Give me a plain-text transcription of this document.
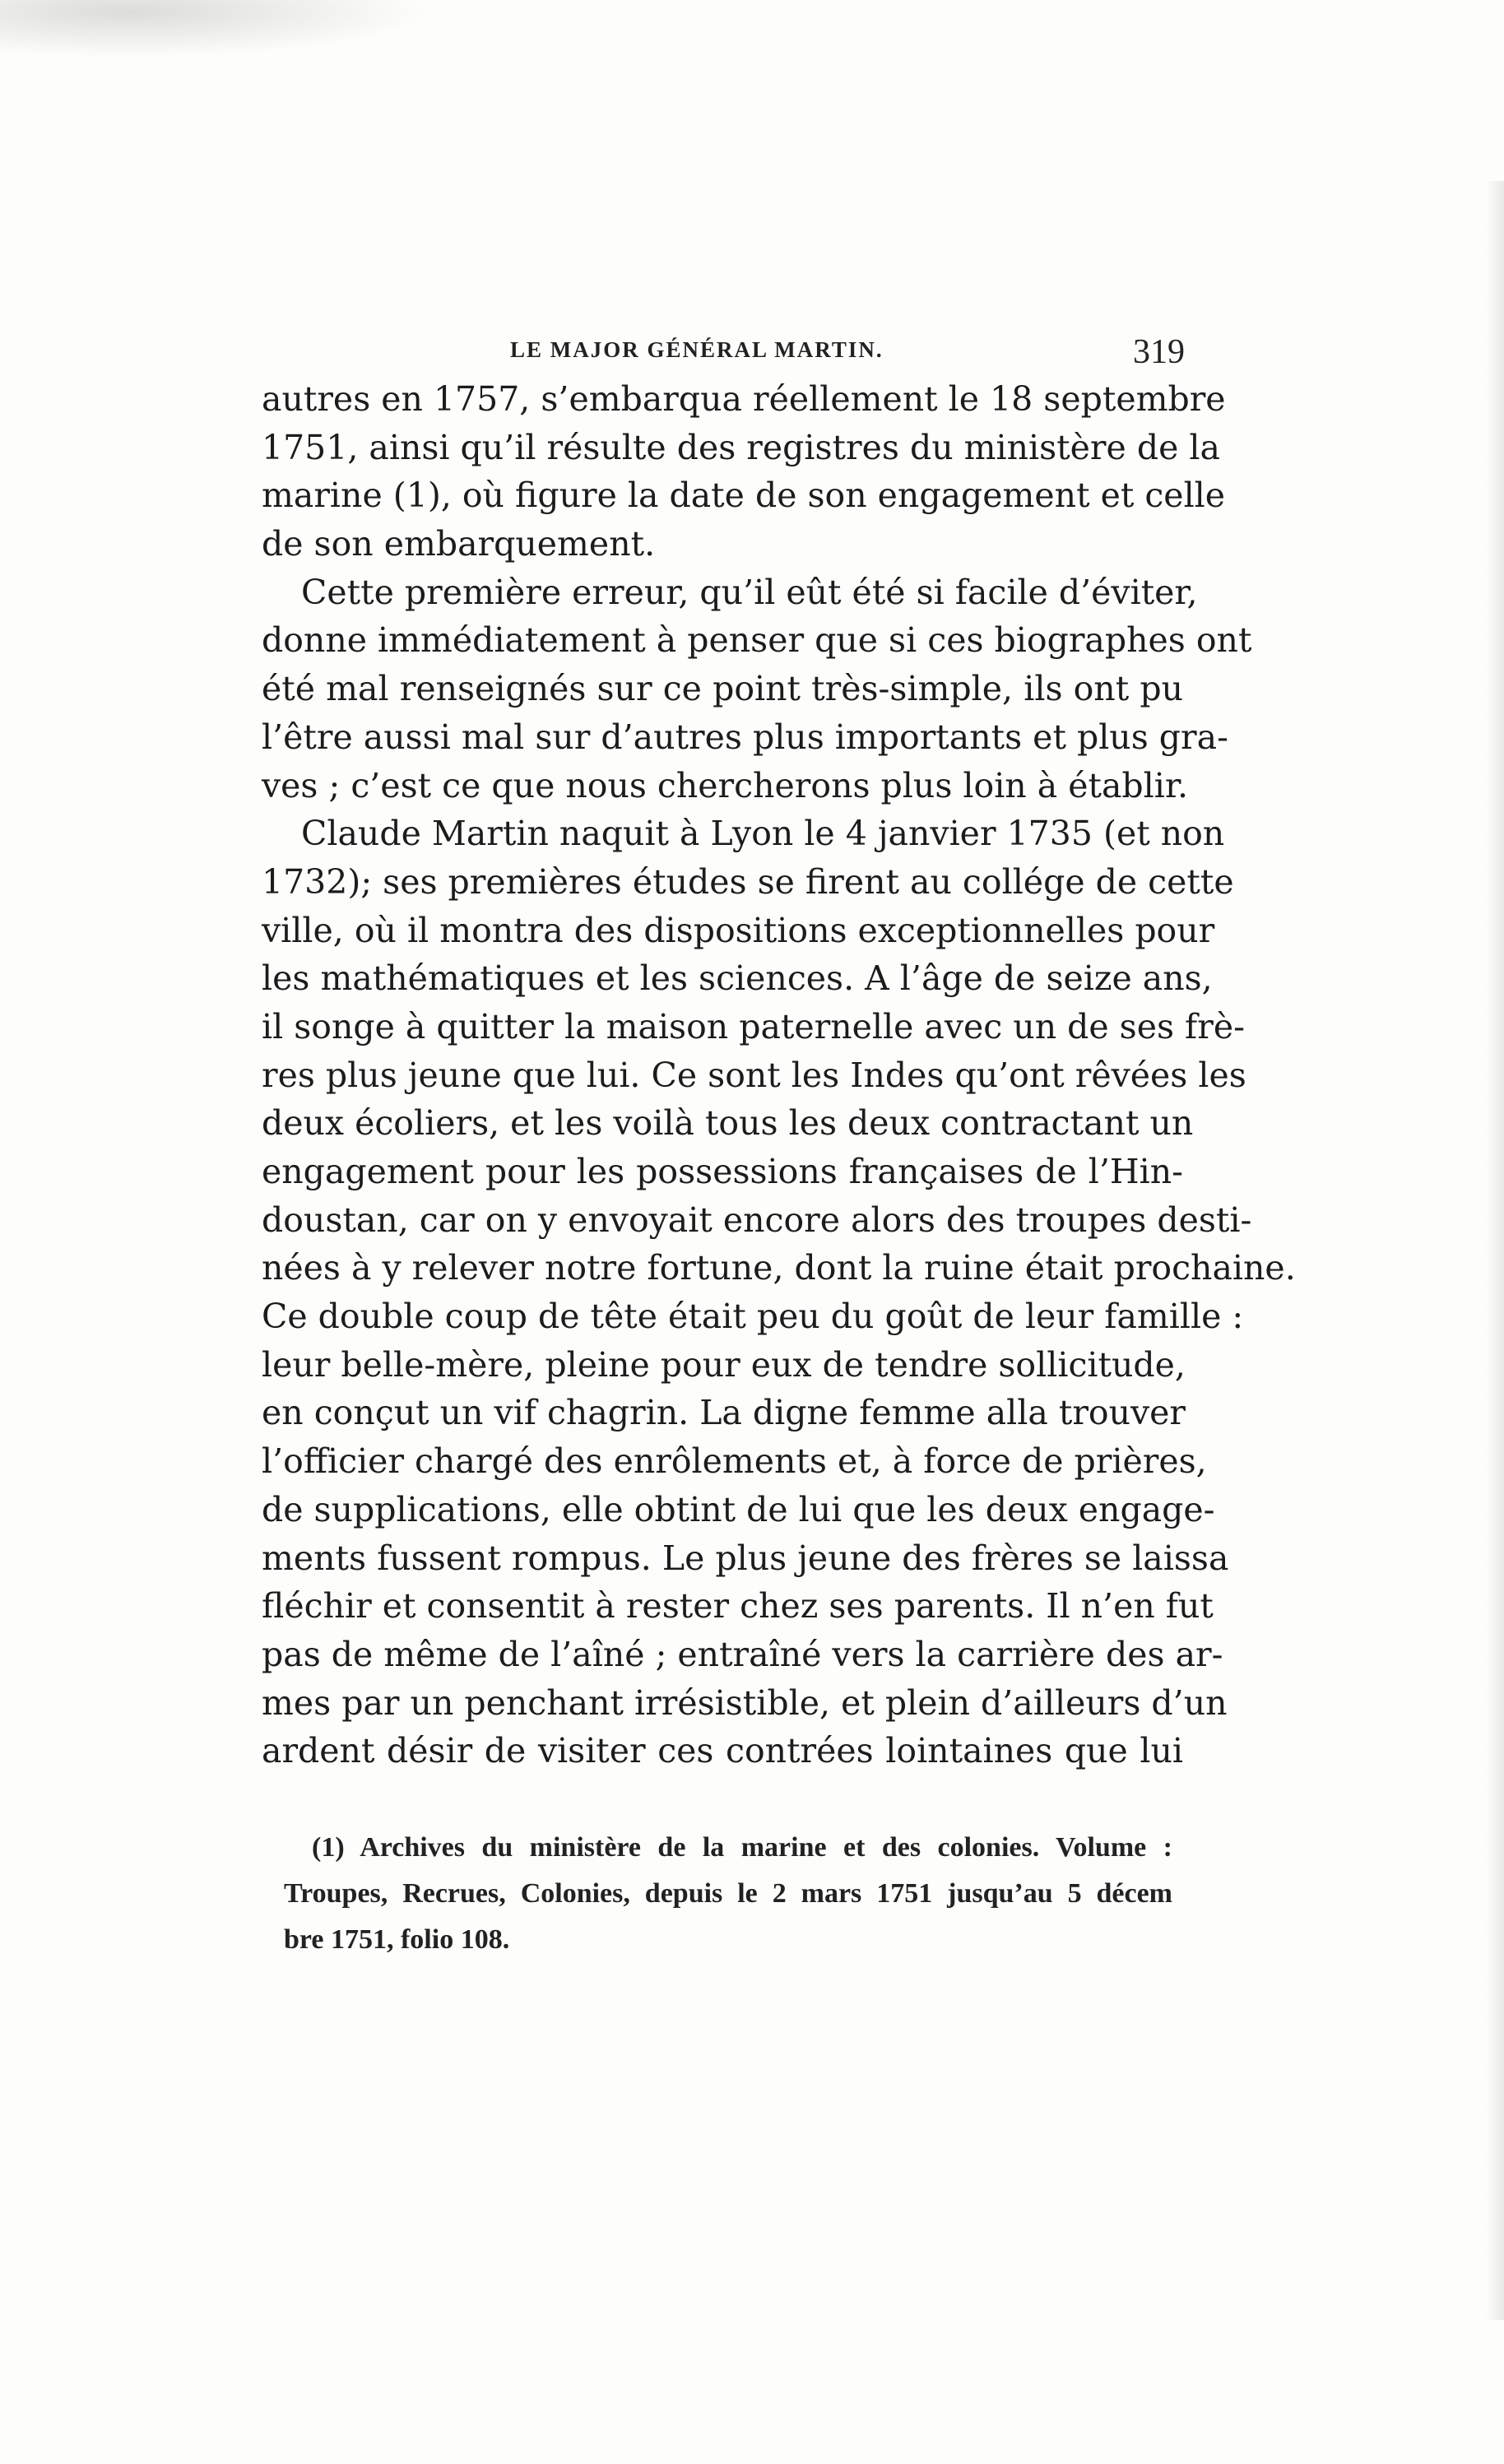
LE MAJOR GÉNÉRAL MARTIN.	319
autres en 1757, s’embarqua réellement le 18 septembre
1751, ainsi qu’il résulte des registres du ministère de la
marine (1), où figure la date de son engagement et celle
de son embarquement.
Cette première erreur, qu’il eût été si facile d’éviter,
donne immédiatement à penser que si ces biographes ont
été mal renseignés sur ce point très-simple, ils ont pu
l’être aussi mal sur d’autres plus importants et plus gra-
ves ; c’est ce que nous chercherons plus loin à établir.
Claude Martin naquit à Lyon le 4 janvier 1735 (et non
1732); ses premières études se firent au collége de cette
ville, où il montra des dispositions exceptionnelles pour
les mathématiques et les sciences. A l’âge de seize ans,
il songe à quitter la maison paternelle avec un de ses frè-
res plus jeune que lui. Ce sont les Indes qu’ont rêvées les
deux écoliers, et les voilà tous les deux contractant un
engagement pour les possessions françaises de l’Hin-
doustan, car on y envoyait encore alors des troupes desti-
nées à y relever notre fortune, dont la ruine était prochaine.
Ce double coup de tête était peu du goût de leur famille :
leur belle-mère, pleine pour eux de tendre sollicitude,
en conçut un vif chagrin. La digne femme alla trouver
l’officier chargé des enrôlements et, à force de prières,
de supplications, elle obtint de lui que les deux engage-
ments fussent rompus. Le plus jeune des frères se laissa
fléchir et consentit à rester chez ses parents. Il n’en fut
pas de même de l’aîné ; entraîné vers la carrière des ar-
mes par un penchant irrésistible, et plein d’ailleurs d’un
ardent désir de visiter ces contrées lointaines que lui
(1) Archives du ministère de la marine et des colonies. Volume :
Troupes, Recrues, Colonies, depuis le 2 mars 1751 jusqu’au 5 décem
bre 1751, folio 108.
